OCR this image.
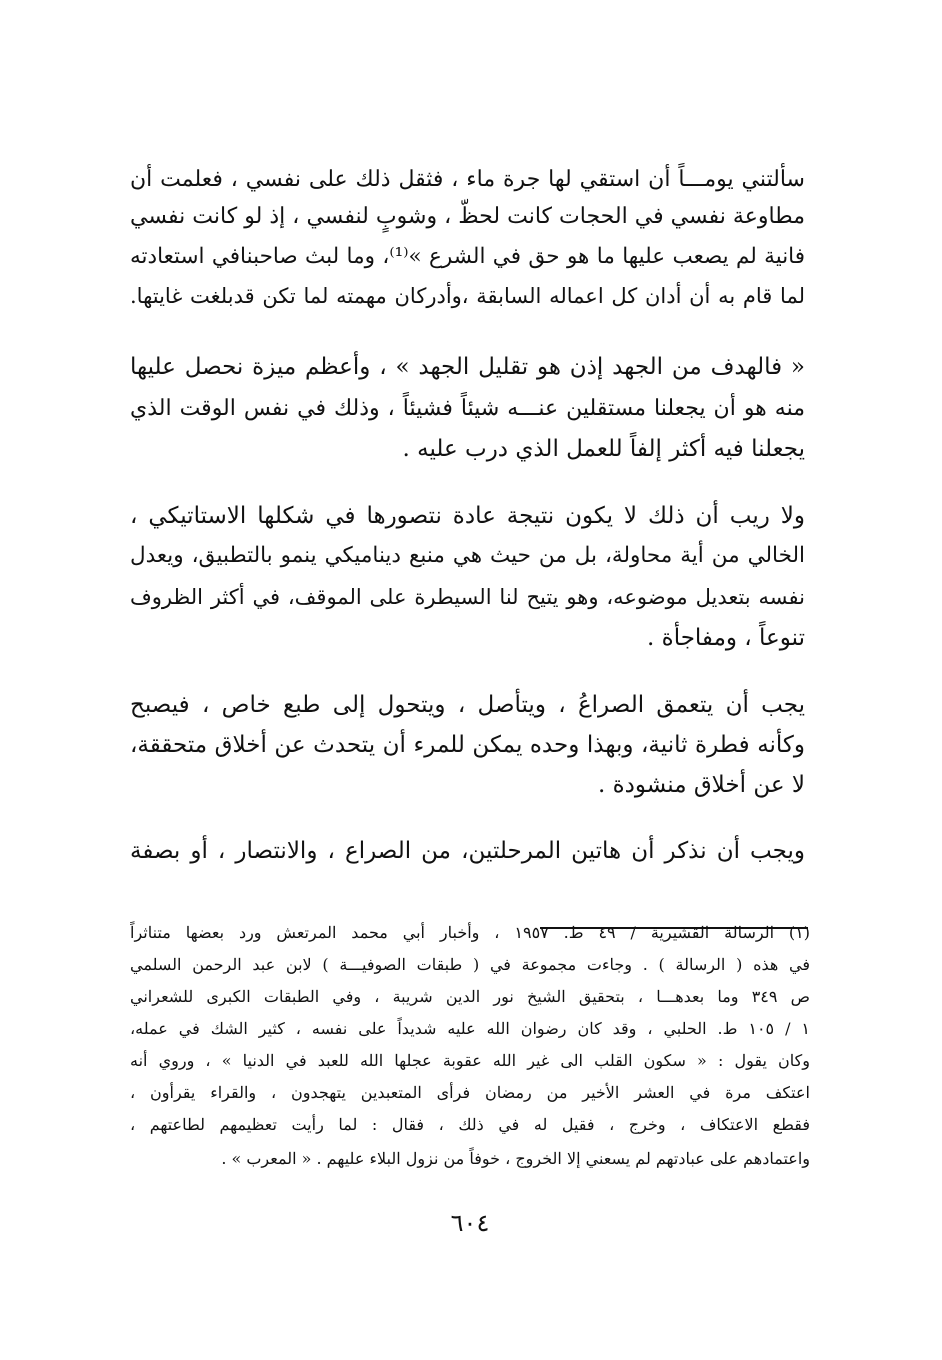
سألتني يومـــاً أن استقي لها جرة ماء ، فثقل ذلك على نفسي ، فعلمت أن
مطاوعة نفسي في الحجات كانت لحظّ ، وشوبٍ لنفسي ، إذ لو كانت نفسي
فانية لم يصعب عليها ما هو حق في الشرع »⁽¹⁾، وما لبث صاحبنافي استعادته
لما قام به أن أدان كل اعماله السابقة ،وأدركان مهمته لما تكن قدبلغت غايتها.
« فالهدف من الجهد إذن هو تقليل الجهد » ، وأعظم ميزة نحصل عليها
منه هو أن يجعلنا مستقلين عنـــه شيئاً فشيئاً ، وذلك في نفس الوقت الذي
يجعلنا فيه أكثر إلفاً للعمل الذي درب عليه .
ولا ريب أن ذلك لا يكون نتيجة عادة نتصورها في شكلها الاستاتيكي ،
الخالي من أية محاولة، بل من حيث هي منبع ديناميكي ينمو بالتطبيق، ويعدل
نفسه بتعديل موضوعه، وهو يتيح لنا السيطرة على الموقف، في أكثر الظروف
تنوعاً ، ومفاجأة .
يجب أن يتعمق الصراعُ ، ويتأصل ، ويتحول إلى طبع خاص ، فيصبح
وكأنه فطرة ثانية، وبهذا وحده يمكن للمرء أن يتحدث عن أخلاق متحققة،
لا عن أخلاق منشودة .
ويجب أن نذكر أن هاتين المرحلتين، من الصراع ، والانتصار ، أو بصفة
(١) الرسالة القشيرية / ٤٩ ط. ١٩٥٧ ، وأخبار أبي محمد المرتعش ورد بعضها متناثراً
في هذه ( الرسالة ) . وجاءت مجموعة في ( طبقات الصوفيـــة ) لابن عبد الرحمن السلمي
ص ٣٤٩ وما بعدهـــا ، بتحقيق الشيخ نور الدين شريبة ، وفي الطبقات الكبرى للشعراني
١ / ١٠٥ ط. الحلبي ، وقد كان رضوان الله عليه شديداً على نفسه ، كثير الشك في عمله،
وكان يقول : « سكون القلب الى غير الله عقوبة عجلها الله للعبد في الدنيا » ، وروي أنه
اعتكف مرة في العشر الأخير من رمضان فرأى المتعبدين يتهجدون ، والقراء يقرأون ،
فقطع الاعتكاف ، وخرج ، فقيل له في ذلك ، فقال : لما رأيت تعظيمهم لطاعتهم ،
واعتمادهم على عبادتهم لم يسعني إلا الخروج ، خوفاً من نزول البلاء عليهم . « المعرب » .
٦٠٤
